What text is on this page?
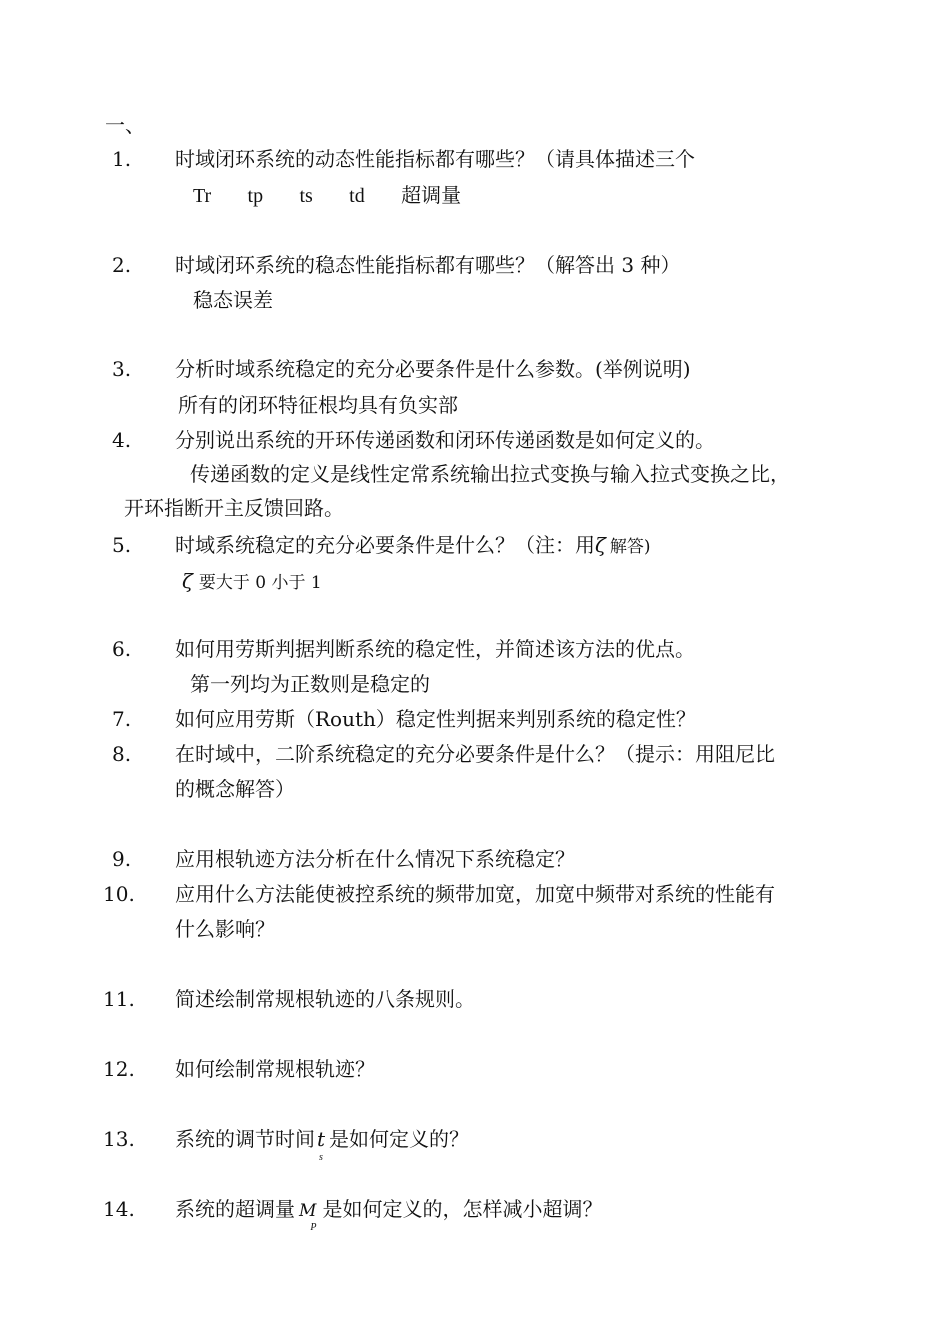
一、
1. 时域闭环系统的动态性能指标都有哪些？（请具体描述三个
Tr tp ts td 超调量
2. 时域闭环系统的稳态性能指标都有哪些？（解答出 3 种）
稳态误差
3. 分析时域系统稳定的充分必要条件是什么参数。(举例说明)
所有的闭环特征根均具有负实部
4. 分别说出系统的开环传递函数和闭环传递函数是如何定义的。
传递函数的定义是线性定常系统输出拉式变换与输入拉式变换之比，
开环指断开主反馈回路。
5. 时域系统稳定的充分必要条件是什么？（注：用ζ 解答)
ζ 要大于 0 小于 1
6. 如何用劳斯判据判断系统的稳定性，并简述该方法的优点。
第一列均为正数则是稳定的
7. 如何应用劳斯（Routh）稳定性判据来判别系统的稳定性？
8. 在时域中，二阶系统稳定的充分必要条件是什么？（提示：用阻尼比
的概念解答）
9. 应用根轨迹方法分析在什么情况下系统稳定？
10. 应用什么方法能使被控系统的频带加宽，加宽中频带对系统的性能有
什么影响？
11. 简述绘制常规根轨迹的八条规则。
12. 如何绘制常规根轨迹？
13. 系统的调节时间 $t_s$是如何定义的？
14. 系统的超调量 $M_P$是如何定义的，怎样减小超调？
